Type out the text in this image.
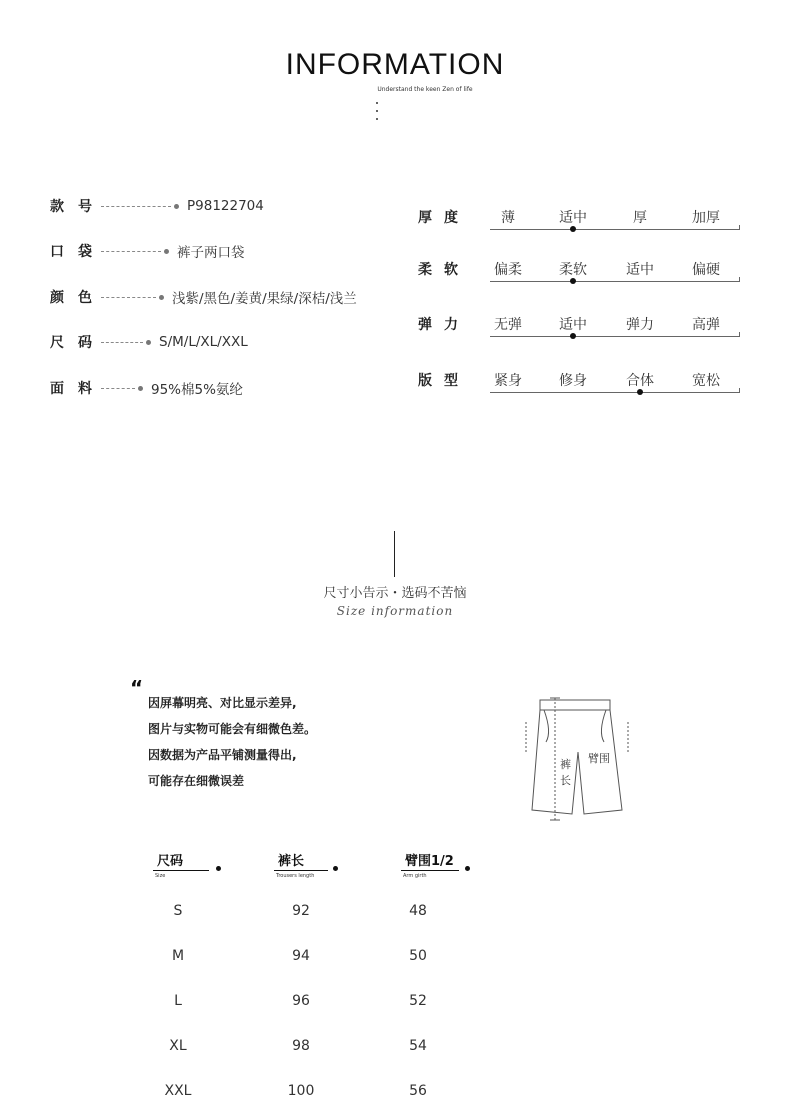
INFORMATION
Understand the keen Zen of life
款号	P98122704
口袋	裤子两口袋
颜色	浅紫/黑色/姜黄/果绿/深桔/浅兰
尺码	S/M/L/XL/XXL
面料	95%棉5%氨纶
厚度 薄	适中	厚	加厚
柔软 偏柔	柔软	适中	偏硬
弹力 无弹	适中	弹力	高弹
版型 紧身	修身	合体	宽松
尺寸小告示・选码不苦恼
Size information
“
因屏幕明亮、对比显示差异,
图片与实物可能会有细微色差。
因数据为产品平铺测量得出,
可能存在细微误差
裤
长
臂围
尺码
Size
裤长
Trousers length
臂围1/2
Arm girth
S	92	48
M	94	50
L	96	52
XL	98	54
XXL	100	56
